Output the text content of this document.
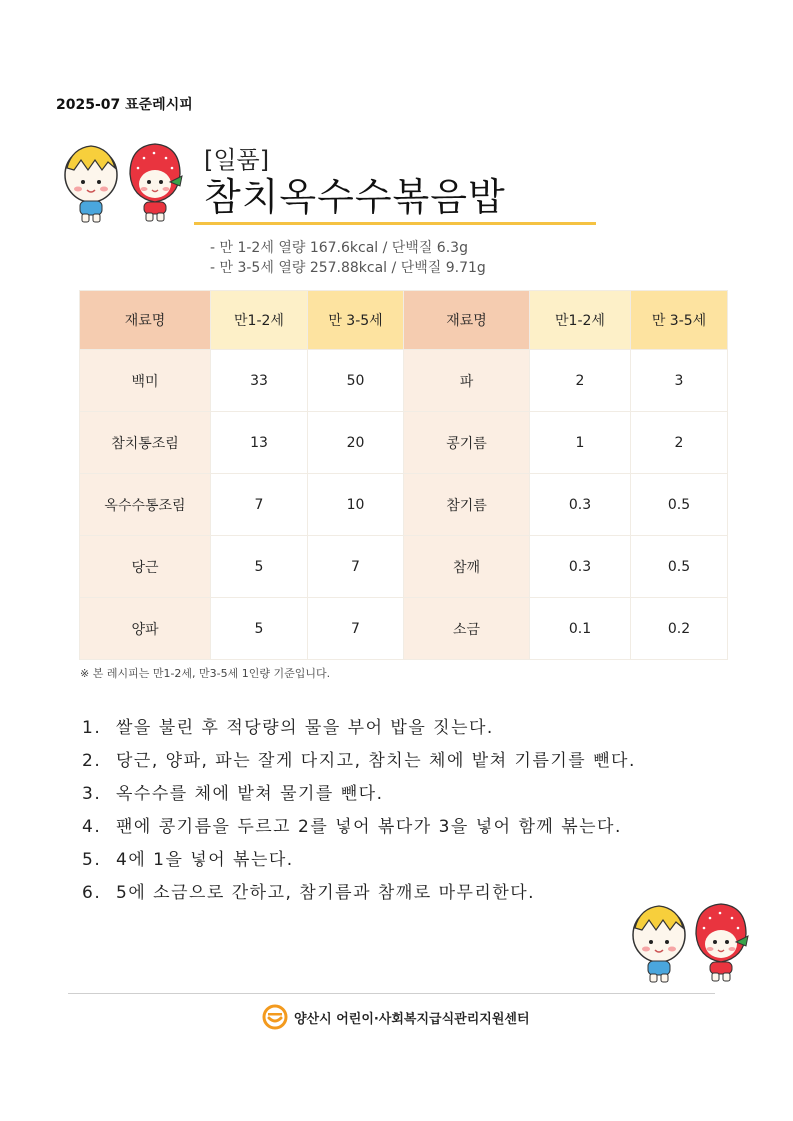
2025-07 표준레시피
[일품]
참치옥수수볶음밥
- 만 1-2세 열량 167.6kcal / 단백질 6.3g
- 만 3-5세 열량 257.88kcal / 단백질 9.71g
재료명	만1-2세	만 3-5세	재료명	만1-2세	만 3-5세
백미	33	50	파	2	3
참치통조림	13	20	콩기름	1	2
옥수수통조림	7	10	참기름	0.3	0.5
당근	5	7	참깨	0.3	0.5
양파	5	7	소금	0.1	0.2
※ 본 레시피는 만1-2세, 만3-5세 1인량 기준입니다.
1. 쌀을 불린 후 적당량의 물을 부어 밥을 짓는다.
2. 당근, 양파, 파는 잘게 다지고, 참치는 체에 밭쳐 기름기를 뺀다.
3. 옥수수를 체에 밭쳐 물기를 뺀다.
4. 팬에 콩기름을 두르고 2를 넣어 볶다가 3을 넣어 함께 볶는다.
5. 4에 1을 넣어 볶는다.
6. 5에 소금으로 간하고, 참기름과 참깨로 마무리한다.
양산시 어린이·사회복지급식관리지원센터
